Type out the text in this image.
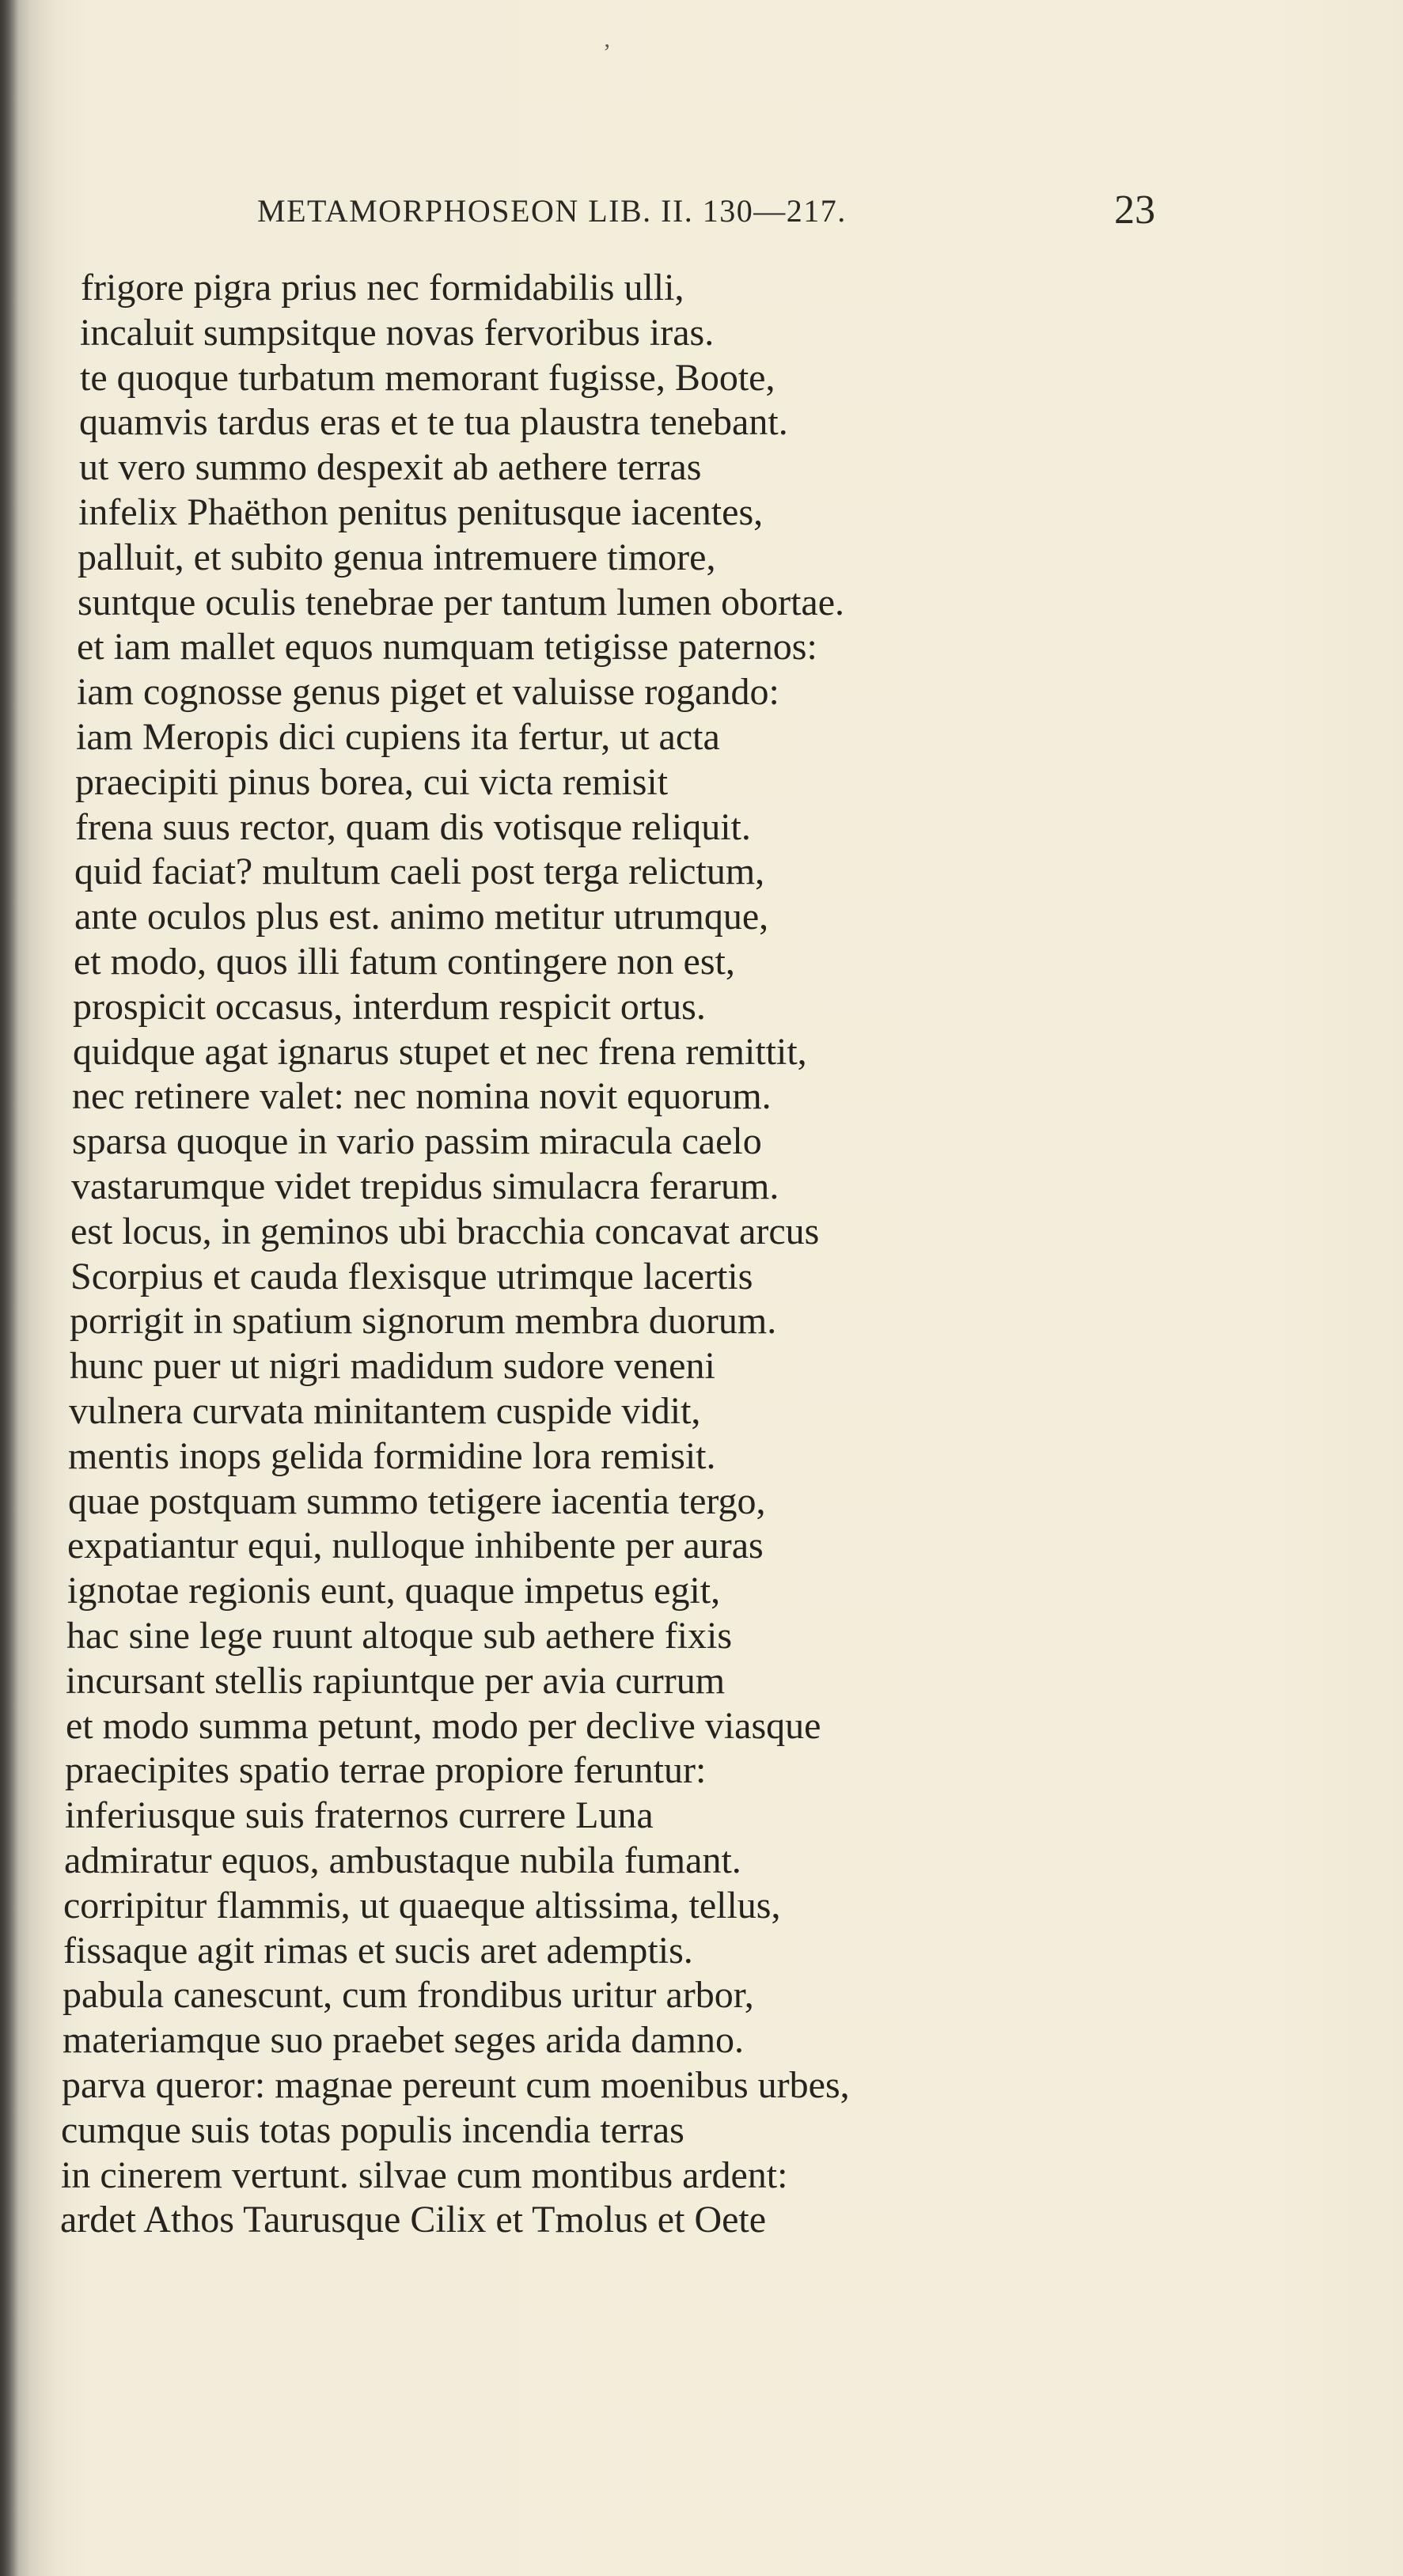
ʼ
METAMORPHOSEON LIB. II. 130—217.	23
frigore pigra prius nec formidabilis ulli,
incaluit sumpsitque novas fervoribus iras.
te quoque turbatum memorant fugisse, Boote,
quamvis tardus eras et te tua plaustra tenebant.
ut vero summo despexit ab aethere terras
infelix Phaëthon penitus penitusque iacentes,
palluit, et subito genua intremuere timore,
suntque oculis tenebrae per tantum lumen obortae.
et iam mallet equos numquam tetigisse paternos:
iam cognosse genus piget et valuisse rogando:
iam Meropis dici cupiens ita fertur, ut acta
praecipiti pinus borea, cui victa remisit
frena suus rector, quam dis votisque reliquit.
quid faciat? multum caeli post terga relictum,
ante oculos plus est. animo metitur utrumque,
et modo, quos illi fatum contingere non est,
prospicit occasus, interdum respicit ortus.
quidque agat ignarus stupet et nec frena remittit,
nec retinere valet: nec nomina novit equorum.
sparsa quoque in vario passim miracula caelo
vastarumque videt trepidus simulacra ferarum.
est locus, in geminos ubi bracchia concavat arcus
Scorpius et cauda flexisque utrimque lacertis
porrigit in spatium signorum membra duorum.
hunc puer ut nigri madidum sudore veneni
vulnera curvata minitantem cuspide vidit,
mentis inops gelida formidine lora remisit.
quae postquam summo tetigere iacentia tergo,
expatiantur equi, nulloque inhibente per auras
ignotae regionis eunt, quaque impetus egit,
hac sine lege ruunt altoque sub aethere fixis
incursant stellis rapiuntque per avia currum
et modo summa petunt, modo per declive viasque
praecipites spatio terrae propiore feruntur:
inferiusque suis fraternos currere Luna
admiratur equos, ambustaque nubila fumant.
corripitur flammis, ut quaeque altissima, tellus,
fissaque agit rimas et sucis aret ademptis.
pabula canescunt, cum frondibus uritur arbor,
materiamque suo praebet seges arida damno.
parva queror: magnae pereunt cum moenibus urbes,
cumque suis totas populis incendia terras
in cinerem vertunt. silvae cum montibus ardent:
ardet Athos Taurusque Cilix et Tmolus et Oete
